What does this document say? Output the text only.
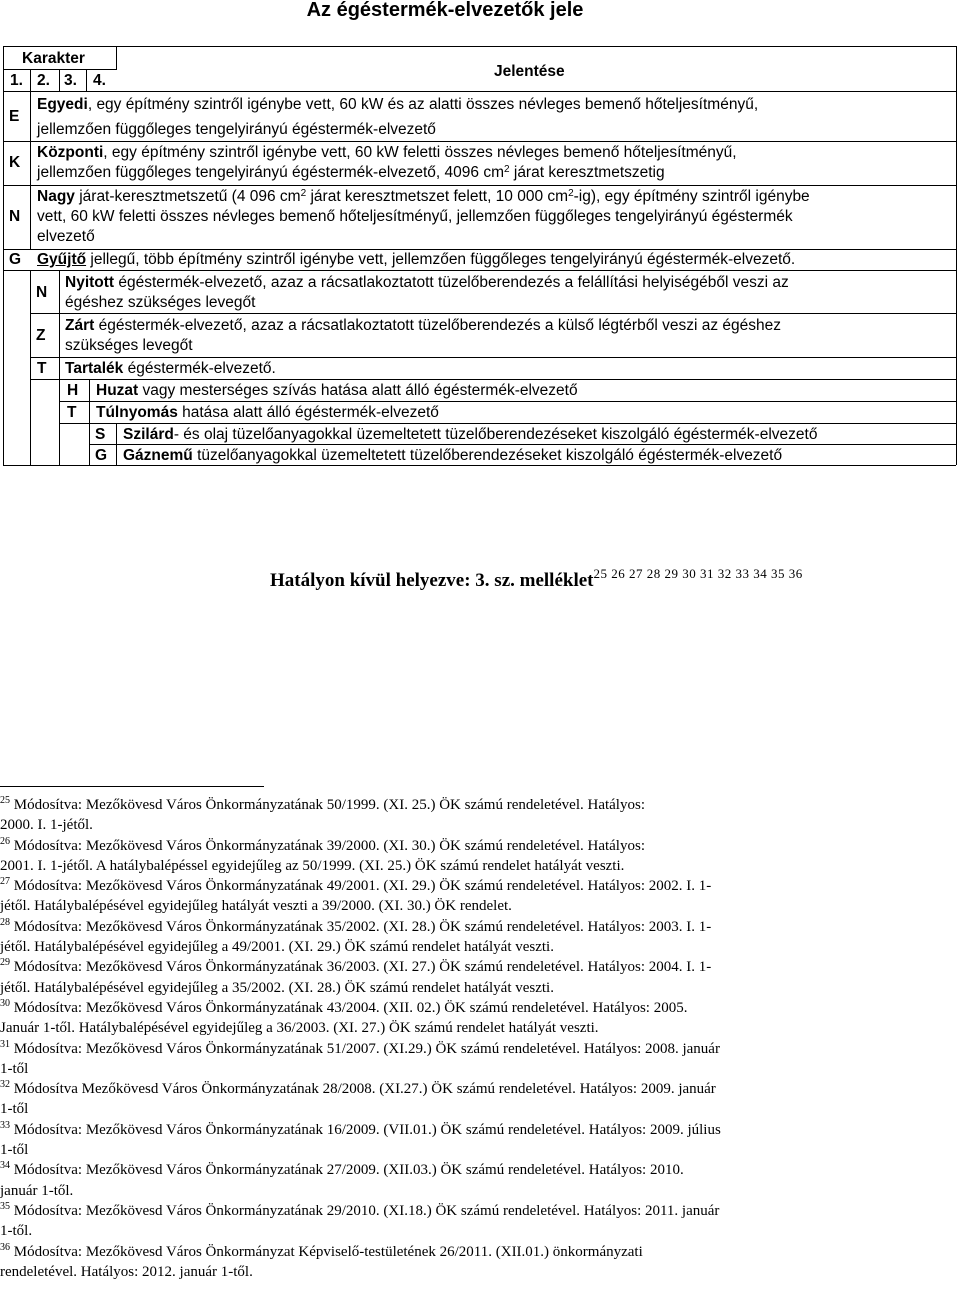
Az égéstermék-elvezetők jele
Karakter
Jelentése
1. 2. 3. 4.
E
Egyedi, egy építmény szintről igénybe vett, 60 kW és az alatti összes névleges bemenő hőteljesítményű,
jellemzően függőleges tengelyirányú égéstermék-elvezető
K
Központi, egy építmény szintről igénybe vett, 60 kW feletti összes névleges bemenő hőteljesítményű,
jellemzően függőleges tengelyirányú égéstermék-elvezető, 4096 $cm^2$ járat keresztmetszetig
N
Nagy járat-keresztmetszetű (4 096 $cm^2$ járat keresztmetszet felett, 10 000 $cm^2-ig$), egy építmény szintről igénybe
vett, 60 kW feletti összes névleges bemenő hőteljesítményű, jellemzően függőleges tengelyirányú égéstermék
elvezető
G Gyűjtő jellegű, több építmény szintről igénybe vett, jellemzően függőleges tengelyirányú égéstermék-elvezető.
N
Nyitott égéstermék-elvezető, azaz a rácsatlakoztatott tüzelőberendezés a felállítási helyiségéből veszi az
égéshez szükséges levegőt
Z
Zárt égéstermék-elvezető, azaz a rácsatlakoztatott tüzelőberendezés a külső légtérből veszi az égéshez
szükséges levegőt
T Tartalék égéstermék-elvezető.
H Huzat vagy mesterséges szívás hatása alatt álló égéstermék-elvezető
T Túlnyomás hatása alatt álló égéstermék-elvezető
S Szilárd- és olaj tüzelőanyagokkal üzemeltetett tüzelőberendezéseket kiszolgáló égéstermék-elvezető
G Gáznemű tüzelőanyagokkal üzemeltetett tüzelőberendezéseket kiszolgáló égéstermék-elvezető
Hatályon kívül helyezve: 3. sz. melléklet$^{25 26 27 28 29 30 31 32 33 34 35 36}$

$^{25}$ Módosítva: Mezőkövesd Város Önkormányzatának 50/1999. (XI. 25.) ÖK számú rendeletével. Hatályos:
2000. I. 1-jétől.

$^{26}$ Módosítva: Mezőkövesd Város Önkormányzatának 39/2000. (XI. 30.) ÖK számú rendeletével. Hatályos:
2001. I. 1-jétől. A hatálybalépéssel egyidejűleg az 50/1999. (XI. 25.) ÖK számú rendelet hatályát veszti.

$^{27}$ Módosítva: Mezőkövesd Város Önkormányzatának 49/2001. (XI. 29.) ÖK számú rendeletével. Hatályos: 2002. I. 1-
jétől. Hatálybalépésével egyidejűleg hatályát veszti a 39/2000. (XI. 30.) ÖK rendelet.

$^{28}$ Módosítva: Mezőkövesd Város Önkormányzatának 35/2002. (XI. 28.) ÖK számú rendeletével. Hatályos: 2003. I. 1-
jétől. Hatálybalépésével egyidejűleg a 49/2001. (XI. 29.) ÖK számú rendelet hatályát veszti.

$^{29}$ Módosítva: Mezőkövesd Város Önkormányzatának 36/2003. (XI. 27.) ÖK számú rendeletével. Hatályos: 2004. I. 1-
jétől. Hatálybalépésével egyidejűleg a 35/2002. (XI. 28.) ÖK számú rendelet hatályát veszti.

$^{30}$ Módosítva: Mezőkövesd Város Önkormányzatának 43/2004. (XII. 02.) ÖK számú rendeletével. Hatályos: 2005.
Január 1-től. Hatálybalépésével egyidejűleg a 36/2003. (XI. 27.) ÖK számú rendelet hatályát veszti.

$^{31}$ Módosítva: Mezőkövesd Város Önkormányzatának 51/2007. (XI.29.) ÖK számú rendeletével. Hatályos: 2008. január
1-től

$^{32}$ Módosítva Mezőkövesd Város Önkormányzatának 28/2008. (XI.27.) ÖK számú rendeletével. Hatályos: 2009. január
1-től

$^{33}$ Módosítva: Mezőkövesd Város Önkormányzatának 16/2009. (VII.01.) ÖK számú rendeletével. Hatályos: 2009. július
1-től

$^{34}$ Módosítva: Mezőkövesd Város Önkormányzatának 27/2009. (XII.03.) ÖK számú rendeletével. Hatályos: 2010.
január 1-től.

$^{35}$ Módosítva: Mezőkövesd Város Önkormányzatának 29/2010. (XI.18.) ÖK számú rendeletével. Hatályos: 2011. január
1-től.

$^{36}$ Módosítva: Mezőkövesd Város Önkormányzat Képviselő-testületének 26/2011. (XII.01.) önkormányzati
rendeletével. Hatályos: 2012. január 1-től.
